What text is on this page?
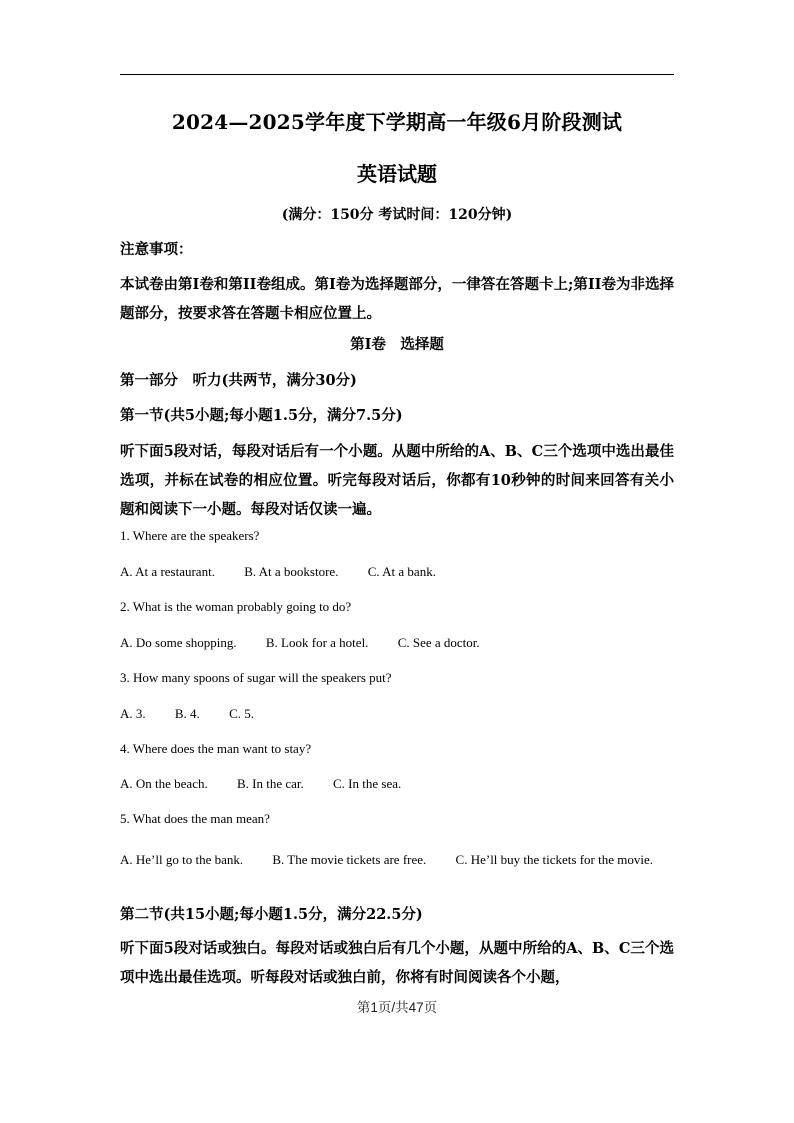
2024—2025学年度下学期高一年级6月阶段测试
英语试题
(满分：150分 考试时间：120分钟)
注意事项：
本试卷由第I卷和第II卷组成。第I卷为选择题部分，一律答在答题卡上;第II卷为非选择题部分，按要求答在答题卡相应位置上。
第I卷　选择题
第一部分　听力(共两节，满分30分)
第一节(共5小题;每小题1.5分，满分7.5分)
听下面5段对话，每段对话后有一个小题。从题中所给的A、B、C三个选项中选出最佳选项，并标在试卷的相应位置。听完每段对话后，你都有10秒钟的时间来回答有关小题和阅读下一小题。每段对话仅读一遍。
1. Where are the speakers?
A. At a restaurant. B. At a bookstore. C. At a bank.
2. What is the woman probably going to do?
A. Do some shopping. B. Look for a hotel. C. See a doctor.
3. How many spoons of sugar will the speakers put?
A. 3. B. 4. C. 5.
4. Where does the man want to stay?
A. On the beach. B. In the car. C. In the sea.
5. What does the man mean?
A. He’ll go to the bank. B. The movie tickets are free. C. He’ll buy the tickets for the movie.
第二节(共15小题;每小题1.5分，满分22.5分)
听下面5段对话或独白。每段对话或独白后有几个小题，从题中所给的A、B、C三个选项中选出最佳选项。听每段对话或独白前，你将有时间阅读各个小题，
第1页/共47页
